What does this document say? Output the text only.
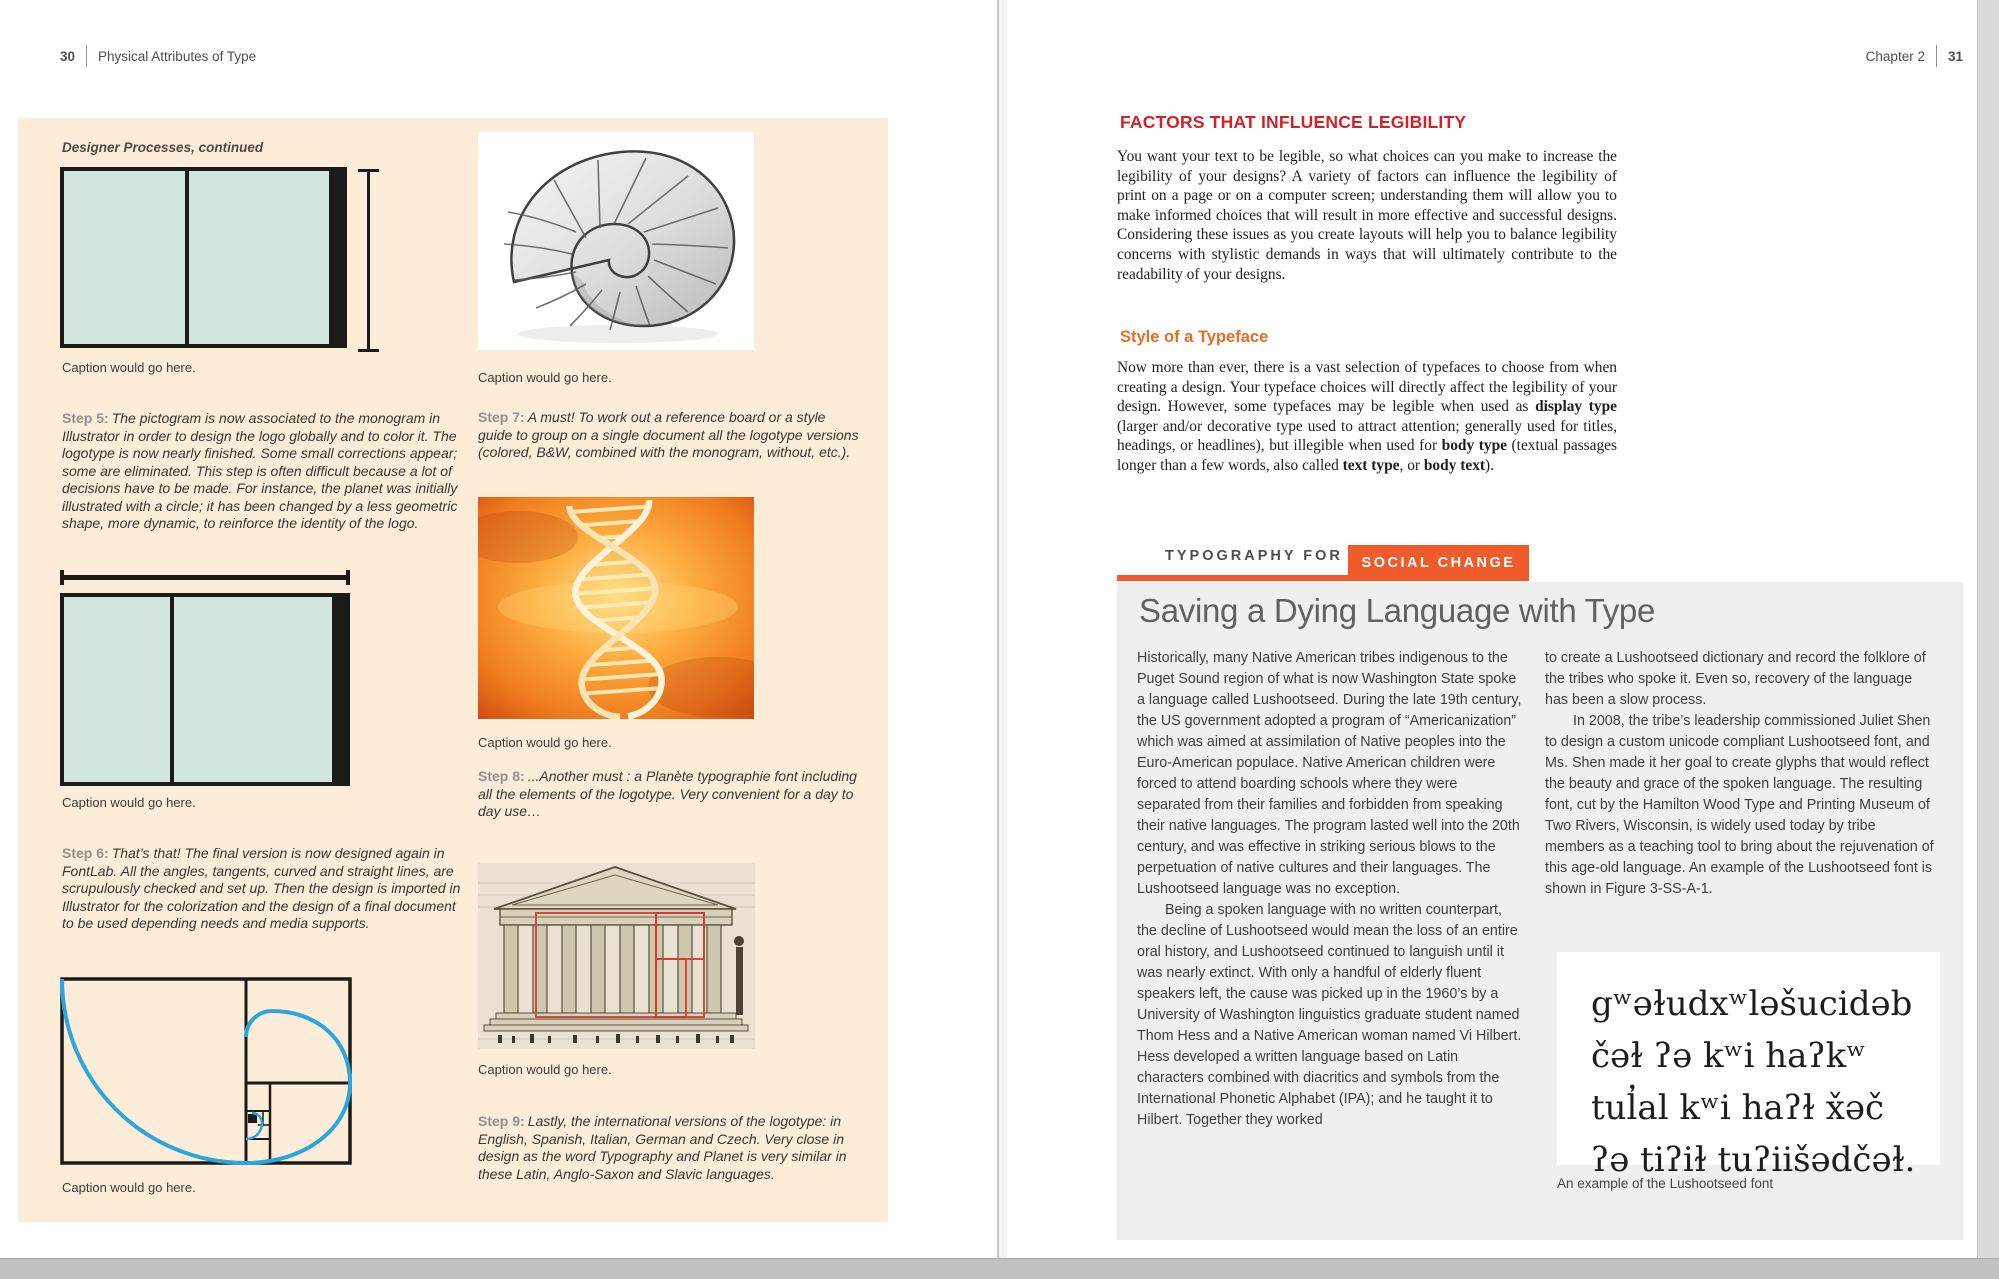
30 Physical Attributes of Type
Designer Processes, continued
Caption would go here.

Step 5: The pictogram is now associated to the monogram in Illustrator in order to design the logo globally and to color it. The logotype is now nearly finished. Some small corrections appear; some are eliminated. This step is often difficult because a lot of decisions have to be made. For instance, the planet was initially illustrated with a circle; it has been changed by a less geometric shape, more dynamic, to reinforce the identity of the logo.

Caption would go here.

Step 6: That’s that! The final version is now designed again in FontLab. All the angles, tangents, curved and straight lines, are scrupulously checked and set up. Then the design is imported in Illustrator for the colorization and the design of a final document to be used depending needs and media supports.

Caption would go here.
Caption would go here.

Step 7: A must! To work out a reference board or a style guide to group on a single document all the logotype versions (colored, B&W, combined with the monogram, without, etc.).

Caption would go here.

Step 8: ...Another must : a Planète typographie font including all the elements of the logotype. Very convenient for a day to day use…

Caption would go here.

Step 9: Lastly, the international versions of the logotype: in English, Spanish, Italian, German and Czech. Very close in design as the word Typography and Planet is very similar in these Latin, Anglo-Saxon and Slavic languages.

Chapter 2 31
FACTORS THAT INFLUENCE LEGIBILITY

You want your text to be legible, so what choices can you make to increase the legibility of your designs? A variety of factors can influence the legibility of print on a page or on a computer screen; understanding them will allow you to make informed choices that will result in more effective and successful designs. Considering these issues as you create layouts will help you to balance legibility concerns with stylistic demands in ways that will ultimately contribute to the readability of your designs.

Style of a Typeface

Now more than ever, there is a vast selection of typefaces to choose from when creating a design. Your typeface choices will directly affect the legibility of your design. However, some typefaces may be legible when used as display type (larger and/or decorative type used to attract attention; generally used for titles, headings, or headlines), but illegible when used for body type (textual passages longer than a few words, also called text type, or body text).

TYPOGRAPHY FOR SOCIAL CHANGE
Saving a Dying Language with Type

Historically, many Native American tribes indigenous to the Puget Sound region of what is now Washington State spoke a language called Lushootseed. During the late 19th century, the US government adopted a program of “Americanization” which was aimed at assimilation of Native peoples into the Euro-American populace. Native American children were forced to attend boarding schools where they were separated from their families and forbidden from speaking their native languages. The program lasted well into the 20th century, and was effective in striking serious blows to the perpetuation of native cultures and their languages. The Lushootseed language was no exception.

Being a spoken language with no written counterpart, the decline of Lushootseed would mean the loss of an entire oral history, and Lushootseed continued to languish until it was nearly extinct. With only a handful of elderly fluent speakers left, the cause was picked up in the 1960’s by a University of Washington linguistics graduate student named Thom Hess and a Native American woman named Vi Hilbert. Hess developed a written language based on Latin characters combined with diacritics and symbols from the International Phonetic Alphabet (IPA); and he taught it to Hilbert. Together they worked

to create a Lushootseed dictionary and record the folklore of the tribes who spoke it. Even so, recovery of the language has been a slow process.

In 2008, the tribe’s leadership commissioned Juliet Shen to design a custom unicode compliant Lushootseed font, and Ms. Shen made it her goal to create glyphs that would reflect the beauty and grace of the spoken language. The resulting font, cut by the Hamilton Wood Type and Printing Museum of Two Rivers, Wisconsin, is widely used today by tribe members as a teaching tool to bring about the rejuvenation of this age-old language. An example of the Lushootseed font is shown in Figure 3-SS-A-1.

gʷəɫudxʷləšucidəb
čəɫ ʔə kʷi haʔkʷ
tul̓al kʷi haʔɫ x̌əč
ʔə tiʔiɫ tuʔiišədčəɫ.
An example of the Lushootseed font
